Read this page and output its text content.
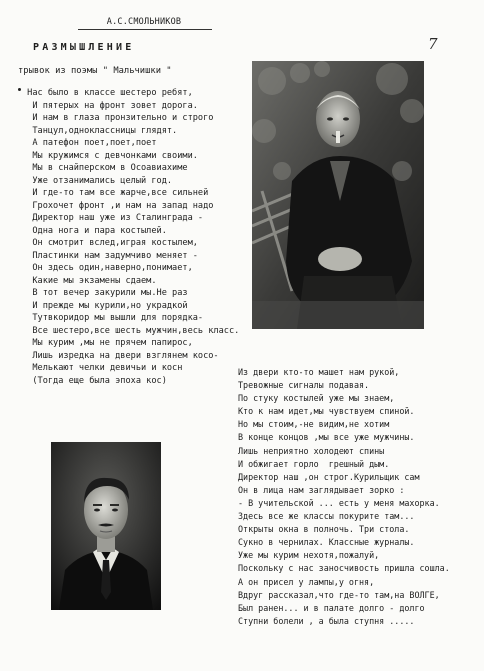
А.С.СМОЛЬНИКОВ
РАЗМЫШЛЕНИЕ	7
трывок из поэмы " Мальчишки "
Нас было в классе шестеро ребят,
И пятерых на фронт зовет дорога.
И нам в глаза пронзительно и строго
Танцул,одноклассницы глядят.
А патефон поет,поет,поет
Мы кружимся с девчонками своими.
Мы в снайперском в Осоавиахиме
Уже отзанимались целый год.
И где-то там все жарче,все сильней
Грохочет фронт ,и нам на запад надо
Директор наш уже из Сталинграда -
Одна нога и пара костылей.
Он смотрит вслед,играя костылем,
Пластинки нам задумчиво меняет -
Он здесь один,наверно,понимает,
Какие мы экзамены сдаем.
В тот вечер закурили мы.Не раз
И прежде мы курили,но украдкой
Тутвкоридор мы вышли для порядка-
Все шестеро,все шесть мужчин,весь класс.
Мы курим ,мы не прячем папирос,
Лишь изредка на двери взглянем косо-
Мелькают челки девичьи и косн
(Тогда еще была эпоха кос)
Из двери кто-то машет нам рукой,
Тревожные сигналы подавая.
По стуку костылей уже мы знаем,
Кто к нам идет,мы чувствуем спиной.
Но мы стоим,-не видим,не хотим
В конце концов ,мы все уже мужчины.
Лишь неприятно холодеют спины
И обжигает горло  грешный дым.
Директор наш ,он строг.Курильщик сам
Он в лица нам заглядывает зорко :
- В учительской ... есть у меня махорка.
Здесь все же классы покурите там...
Открыты окна в полночь. Три стола.
Сукно в чернилах. Классные журналы.
Уже мы курим нехотя,пожалуй,
Поскольку с нас заносчивость пришла сошла.
А он присел у лампы,у огня,
Вдруг рассказал,что где-то там,на ВОЛГЕ,
Был ранен... и в палате долго - долго
Ступни болели , а была ступня .....
